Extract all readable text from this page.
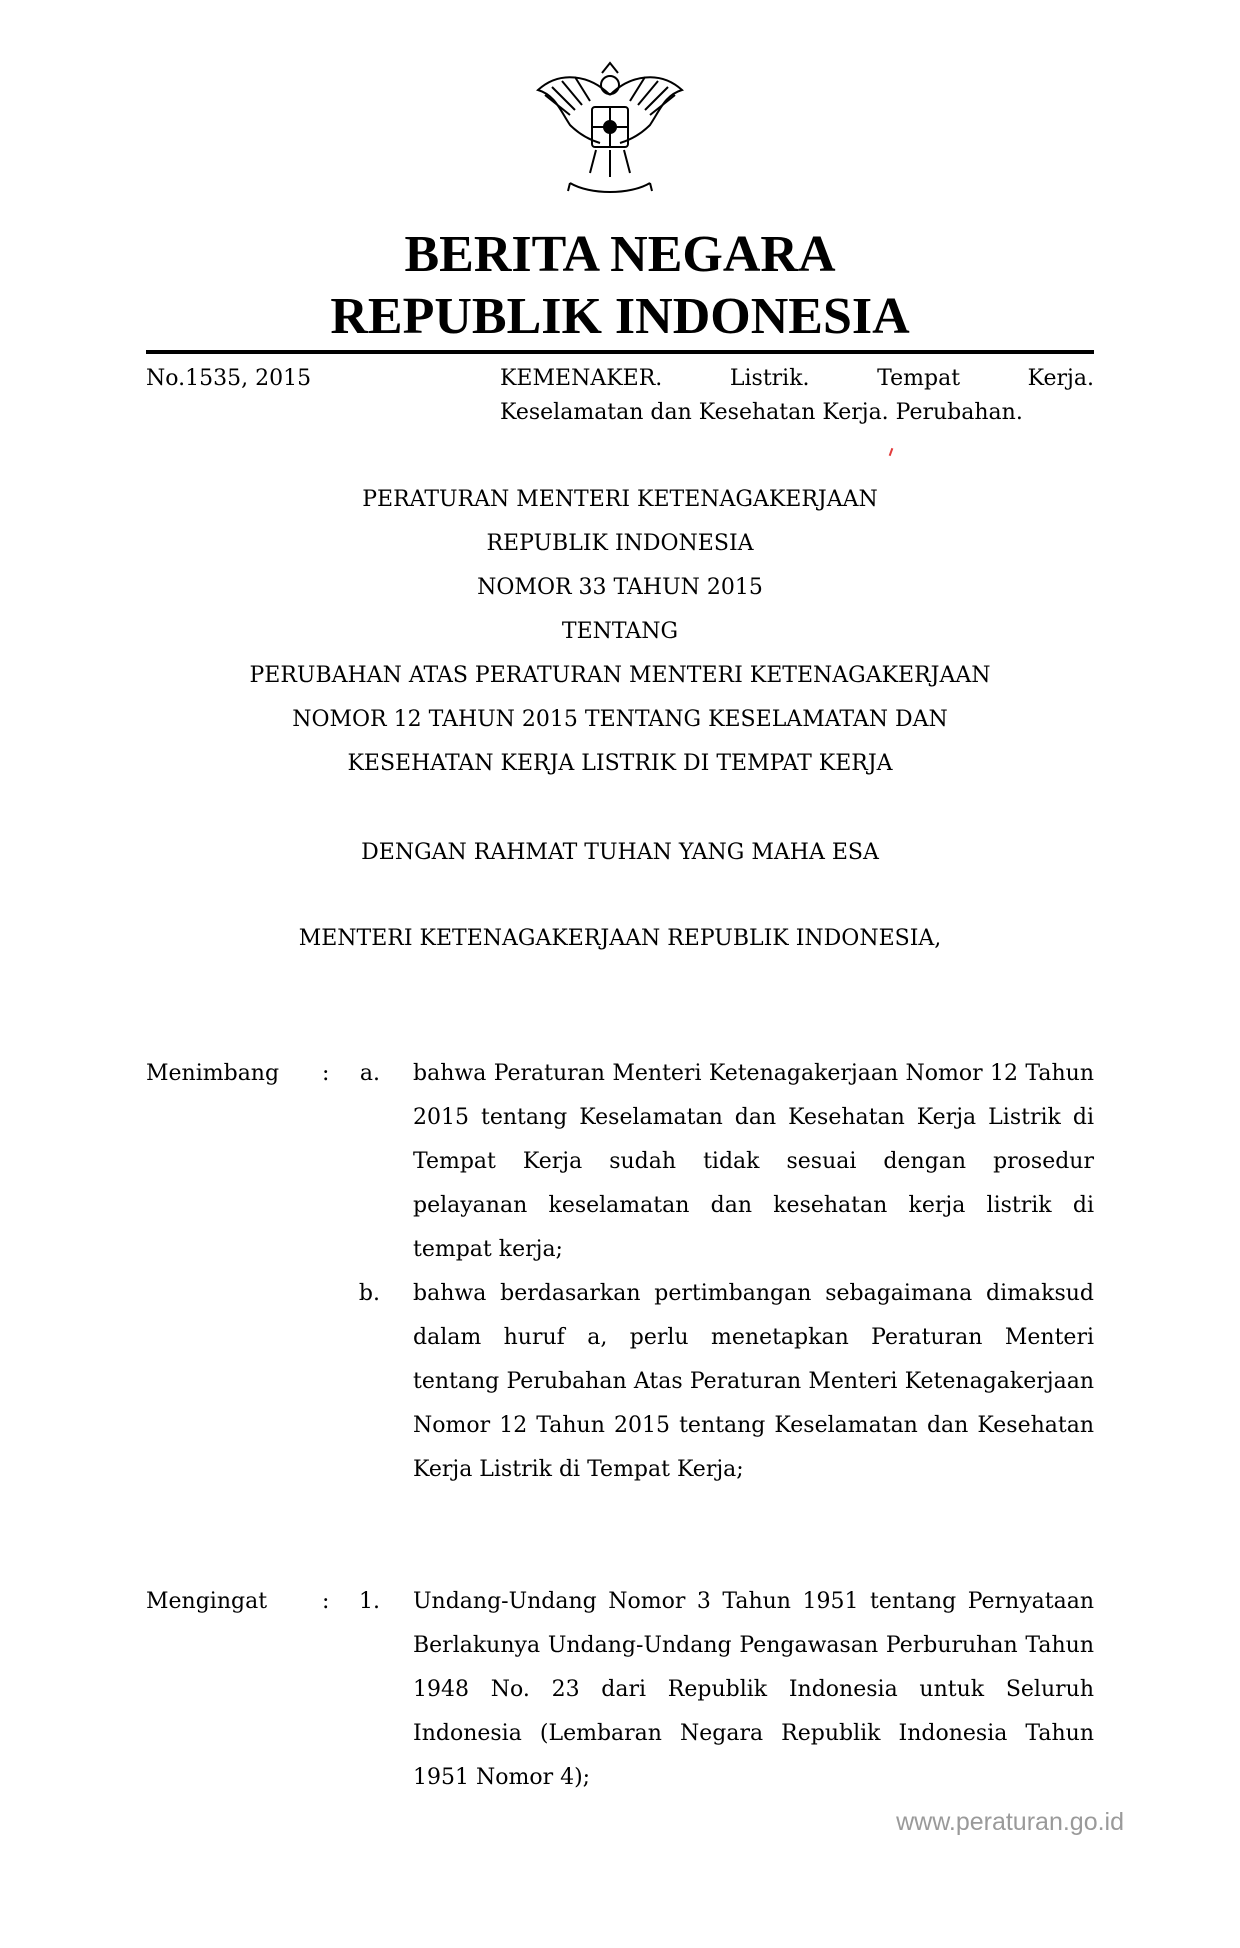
BERITA NEGARA
REPUBLIK INDONESIA
No.1535, 2015	KEMENAKER.	Listrik.	Tempat	Kerja.
Keselamatan dan Kesehatan Kerja. Perubahan.
PERATURAN MENTERI KETENAGAKERJAAN
REPUBLIK INDONESIA
NOMOR 33 TAHUN 2015
TENTANG
PERUBAHAN ATAS PERATURAN MENTERI KETENAGAKERJAAN
NOMOR 12 TAHUN 2015 TENTANG KESELAMATAN DAN
KESEHATAN KERJA LISTRIK DI TEMPAT KERJA
DENGAN RAHMAT TUHAN YANG MAHA ESA
MENTERI KETENAGAKERJAAN REPUBLIK INDONESIA,
Menimbang :	a. bahwa Peraturan Menteri Ketenagakerjaan Nomor 12 Tahun 2015 tentang Keselamatan dan Kesehatan Kerja Listrik di Tempat Kerja sudah tidak sesuai dengan prosedur pelayanan keselamatan dan kesehatan kerja listrik di tempat kerja;
b. bahwa berdasarkan pertimbangan sebagaimana dimaksud dalam huruf a, perlu menetapkan Peraturan Menteri tentang Perubahan Atas Peraturan Menteri Ketenagakerjaan Nomor 12 Tahun 2015 tentang Keselamatan dan Kesehatan Kerja Listrik di Tempat Kerja;
Mengingat :	1. Undang-Undang Nomor 3 Tahun 1951 tentang Pernyataan Berlakunya Undang-Undang Pengawasan Perburuhan Tahun 1948 No. 23 dari Republik Indonesia untuk Seluruh Indonesia (Lembaran Negara Republik Indonesia Tahun 1951 Nomor 4);
www.peraturan.go.id
